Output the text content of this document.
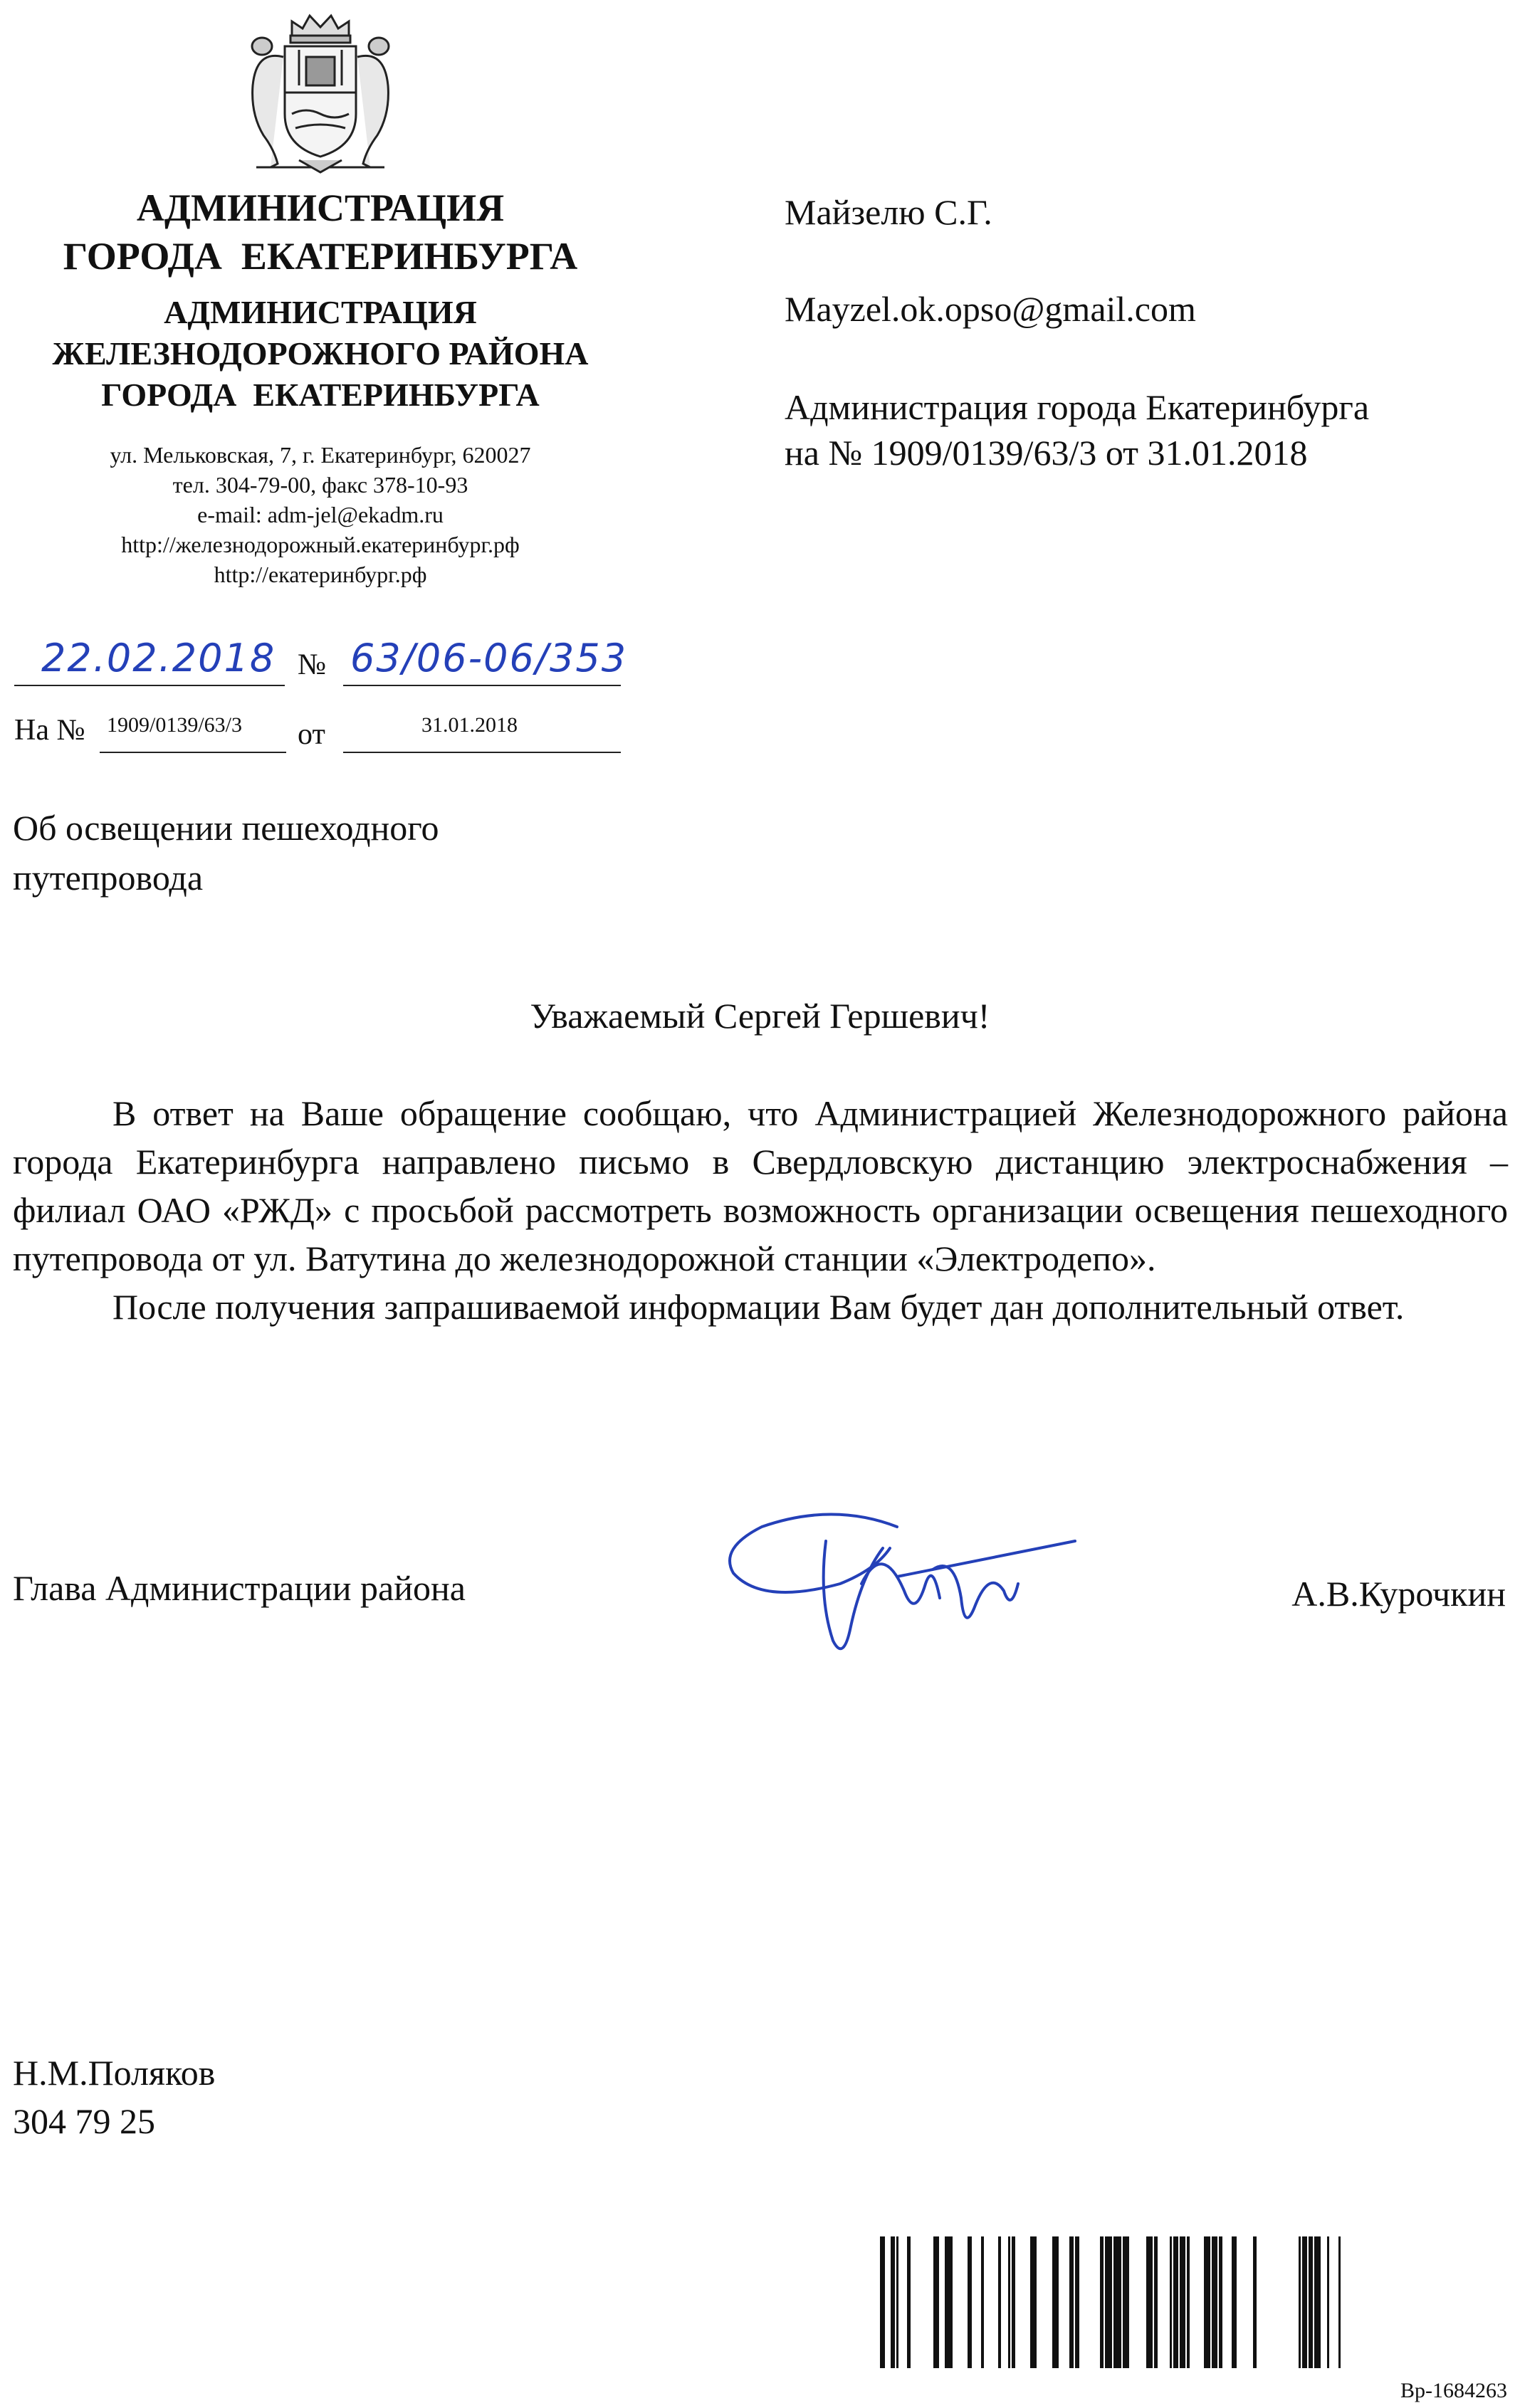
АДМИНИСТРАЦИЯ
ГОРОДА  ЕКАТЕРИНБУРГА
АДМИНИСТРАЦИЯ
ЖЕЛЕЗНОДОРОЖНОГО РАЙОНА
ГОРОДА  ЕКАТЕРИНБУРГА
ул. Мельковская, 7, г. Екатеринбург, 620027
тел. 304-79-00, факс 378-10-93
e-mail: adm-jel@ekadm.ru
http://железнодорожный.екатеринбург.рф
http://екатеринбург.рф
22.02.2018 № 63/06-06/353
На № 1909/0139/63/3 от	31.01.2018
Майзелю С.Г.
Mayzel.ok.opso@gmail.com
Администрация города Екатеринбурга
на № 1909/0139/63/3 от 31.01.2018
Об освещении пешеходного
путепровода
Уважаемый Сергей Гершевич!

В ответ на Ваше обращение сообщаю, что Администрацией Железнодорожного района города Екатеринбурга направлено письмо в Свердловскую дистанцию электроснабжения – филиал ОАО «РЖД» с просьбой рассмотреть возможность организации освещения пешеходного путепровода от ул. Ватутина до железнодорожной станции «Электродепо».

После получения запрашиваемой информации Вам будет дан дополнительный ответ.

Глава Администрации района	А.В.Курочкин
Н.М.Поляков
304 79 25
Вр-1684263
